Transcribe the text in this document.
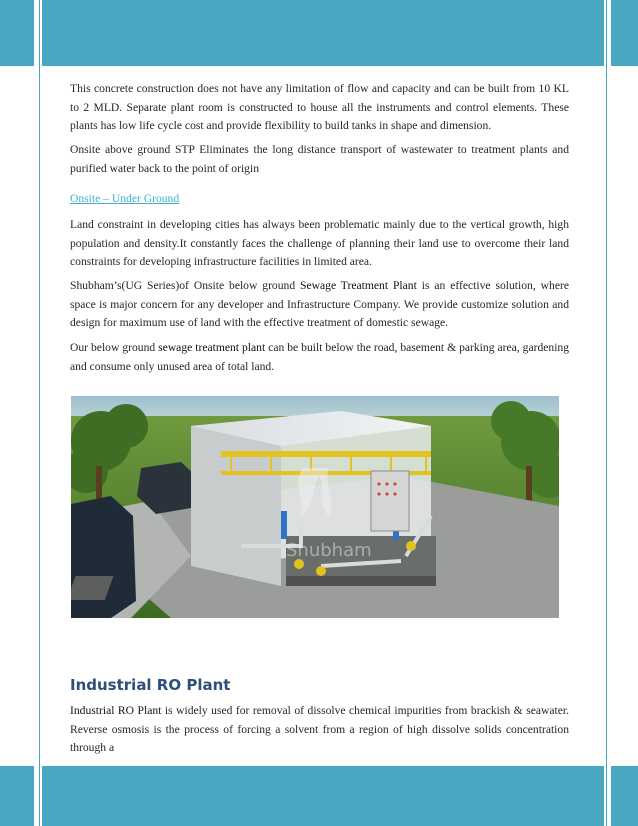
This concrete construction does not have any limitation of flow and capacity and can be built from 10 KL to 2 MLD. Separate plant room is constructed to house all the instruments and control elements. These plants has low life cycle cost and provide flexibility to build tanks in shape and dimension.

Onsite above ground STP Eliminates the long distance transport of wastewater to treatment plants and purified water back to the point of origin

Onsite – Under Ground

Land constraint in developing cities has always been problematic mainly due to the vertical growth, high population and density.It constantly faces the challenge of planning their land use to overcome their land constraints for developing infrastructure facilities in limited area.

Shubham’s(UG Series)of Onsite below ground Sewage Treatment Plant is an effective solution, where space is major concern for any developer and Infrastructure Company. We provide customize solution and design for maximum use of land with the effective treatment of domestic sewage.

Our below ground sewage treatment plant can be built below the road, basement & parking area, gardening and consume only unused area of total land.

Shubham
Industrial RO Plant

Industrial RO Plant is widely used for removal of dissolve chemical impurities from brackish & seawater. Reverse osmosis is the process of forcing a solvent from a region of high dissolve solids concentration through a
